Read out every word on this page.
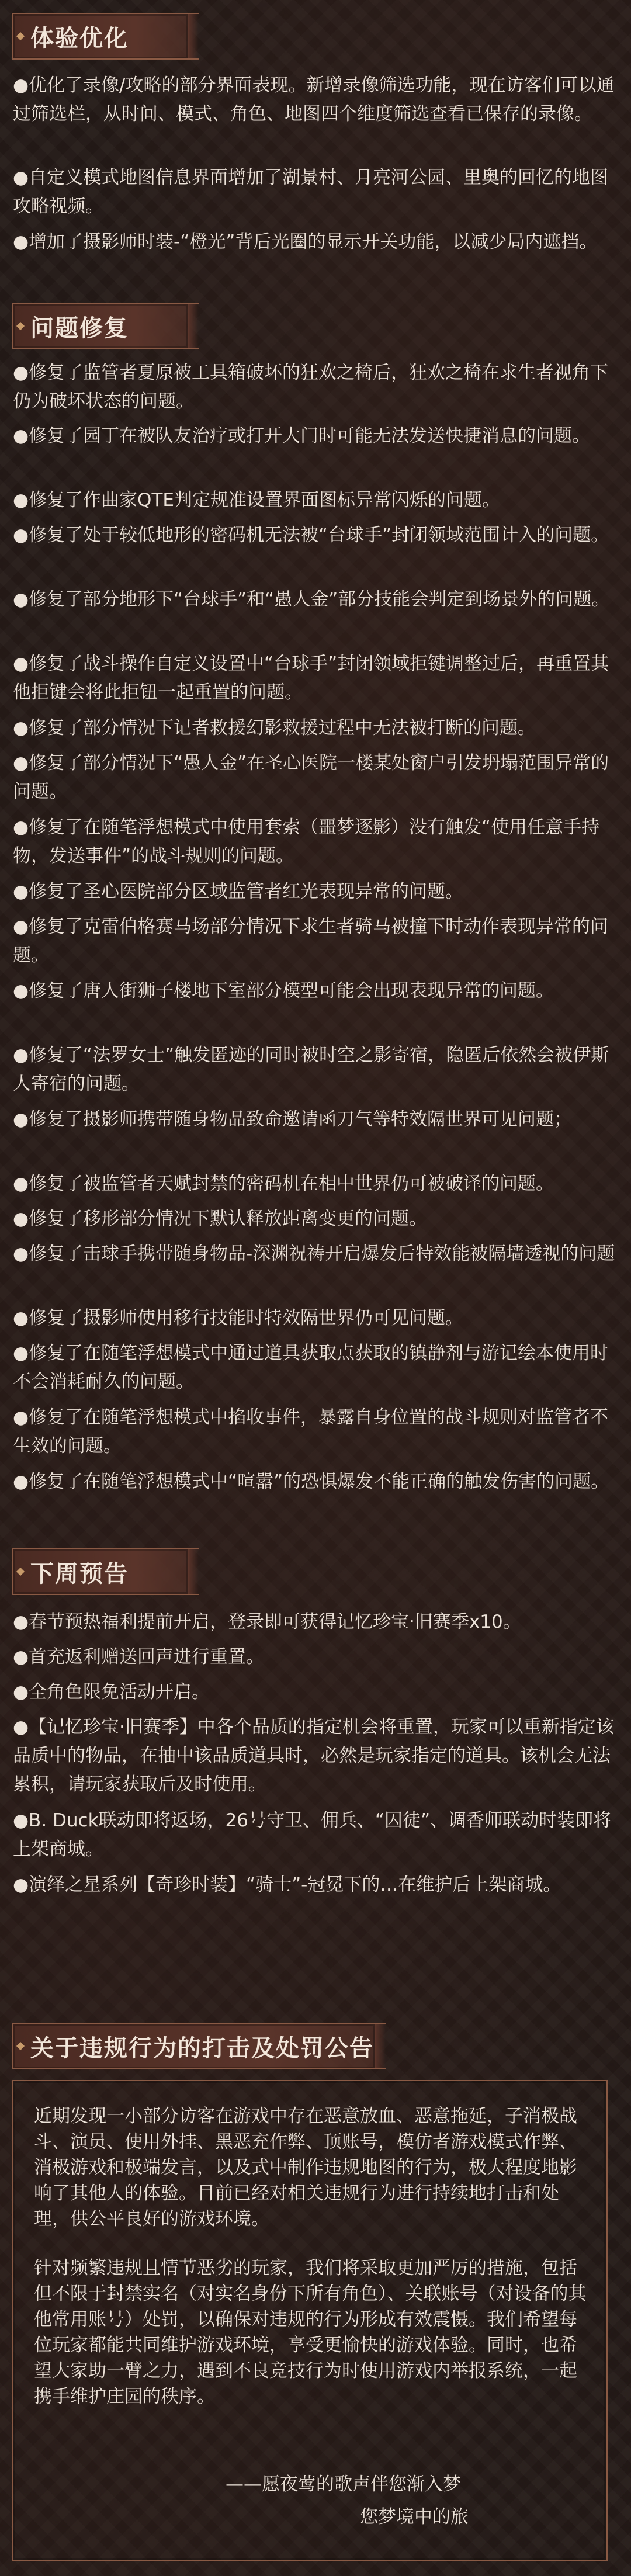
体验优化
●优化了录像/攻略的部分界面表现。新增录像筛选功能，现在访客们可以通过筛选栏，从时间、模式、角色、地图四个维度筛选查看已保存的录像。
●自定义模式地图信息界面增加了湖景村、月亮河公园、里奥的回忆的地图攻略视频。
●增加了摄影师时装-“橙光”背后光圈的显示开关功能，以减少局内遮挡。
问题修复
●修复了监管者夏原被工具箱破坏的狂欢之椅后，狂欢之椅在求生者视角下仍为破坏状态的问题。
●修复了园丁在被队友治疗或打开大门时可能无法发送快捷消息的问题。
●修复了作曲家QTE判定规准设置界面图标异常闪烁的问题。
●修复了处于较低地形的密码机无法被“台球手”封闭领域范围计入的问题。
●修复了部分地形下“台球手”和“愚人金”部分技能会判定到场景外的问题。
●修复了战斗操作自定义设置中“台球手”封闭领域拒键调整过后，再重置其他拒键会将此拒钮一起重置的问题。
●修复了部分情况下记者救援幻影救援过程中无法被打断的问题。
●修复了部分情况下“愚人金”在圣心医院一楼某处窗户引发坍塌范围异常的问题。
●修复了在随笔浮想模式中使用套索（噩梦逐影）没有触发“使用任意手持物，发送事件”的战斗规则的问题。
●修复了圣心医院部分区域监管者红光表现异常的问题。
●修复了克雷伯格赛马场部分情况下求生者骑马被撞下时动作表现异常的问题。
●修复了唐人街狮子楼地下室部分模型可能会出现表现异常的问题。
●修复了“法罗女士”触发匿迹的同时被时空之影寄宿，隐匿后依然会被伊斯人寄宿的问题。
●修复了摄影师携带随身物品致命邀请函刀气等特效隔世界可见问题；
●修复了被监管者天赋封禁的密码机在相中世界仍可被破译的问题。
●修复了移形部分情况下默认释放距离变更的问题。
●修复了击球手携带随身物品-深渊祝祷开启爆发后特效能被隔墙透视的问题
●修复了摄影师使用移行技能时特效隔世界仍可见问题。
●修复了在随笔浮想模式中通过道具获取点获取的镇静剂与游记绘本使用时不会消耗耐久的问题。
●修复了在随笔浮想模式中掐收事件，暴露自身位置的战斗规则对监管者不生效的问题。
●修复了在随笔浮想模式中“喧嚣”的恐惧爆发不能正确的触发伤害的问题。
下周预告
●春节预热福利提前开启，登录即可获得记忆珍宝·旧赛季x10。
●首充返利赠送回声进行重置。
●全角色限免活动开启。
●【记忆珍宝·旧赛季】中各个品质的指定机会将重置，玩家可以重新指定该品质中的物品，在抽中该品质道具时，必然是玩家指定的道具。该机会无法累积，请玩家获取后及时使用。
●B. Duck联动即将返场，26号守卫、佣兵、“囚徒”、调香师联动时装即将上架商城。
●演绎之星系列【奇珍时装】“骑士”-冠冕下的…在维护后上架商城。
关于违规行为的打击及处罚公告
近期发现一小部分访客在游戏中存在恶意放血、恶意拖延，子消极战斗、演员、使用外挂、黑恶充作弊、顶账号，模仿者游戏模式作弊、消极游戏和极端发言，以及式中制作违规地图的行为，极大程度地影响了其他人的体验。目前已经对相关违规行为进行持续地打击和处理，供公平良好的游戏环境。
针对频繁违规且情节恶劣的玩家，我们将采取更加严厉的措施，包括但不限于封禁实名（对实名身份下所有角色）、关联账号（对设备的其他常用账号）处罚，以确保对违规的行为形成有效震慑。我们希望每位玩家都能共同维护游戏环境，享受更愉快的游戏体验。同时，也希望大家助一臂之力，遇到不良竞技行为时使用游戏内举报系统，一起携手维护庄园的秩序。
——愿夜莺的歌声伴您渐入梦
您梦境中的旅
